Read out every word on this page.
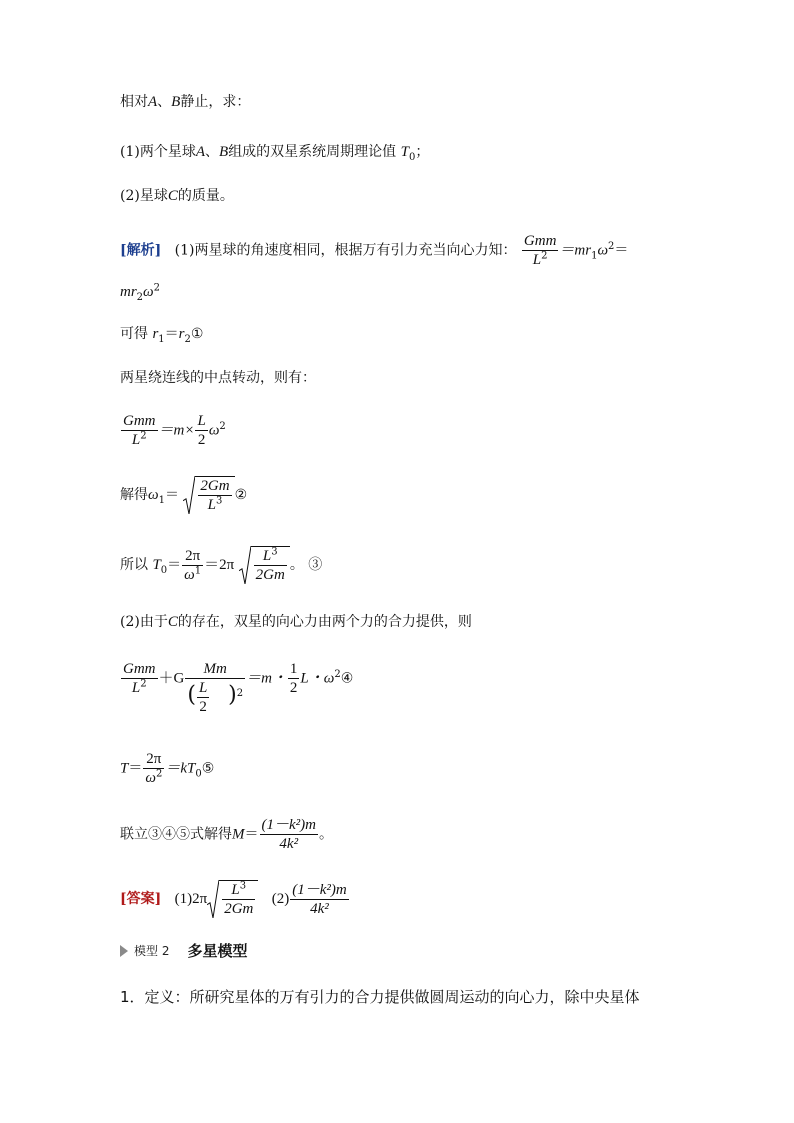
相对A、B静止，求：
(1)两个星球A、B组成的双星系统周期理论值 $T_0$；
(2)星球C的质量。
[解析] (1)两星球的角速度相同，根据万有引力充当向心力知： $\frac{\text{Gmm}}{L^2} =mr_1\omega^2=$
$mr_2\omega^2$
可得 $r_1=r_2①$
两星绕连线的中点转动，则有：
$\frac{\text{Gmm}}{L^2} =m\times \frac{L}{2} \omega^2$
解得$\omega_1= \frac{2Gm}{L^3}$ ②
所以 $T_0= \frac{2\pi}{\omega^1} =2\pi \frac{L^3}{2Gm}$ 。 ③
(2)由于C的存在，双星的向心力由两个力的合力提供，则
$\frac{\text{Gmm}}{L^2} +G \frac{Mm}{( \frac{L}{2} )^2} =m$・ $\frac{1}{2}$ L・$\omega^2④$
$T= \frac{2\pi}{\omega^2}$ $=kT_0⑤$
联立③④⑤式解得$M= \frac{\text{(1－k²)m}}{\text{4k²}}$ 。
[答案] $(1)2\pi \frac{L^3}{2Gm} (2) \frac{\text{(1－k²)m}}{\text{4k²}}$
模型 2 多星模型
1．定义：所研究星体的万有引力的合力提供做圆周运动的向心力，除中央星体
